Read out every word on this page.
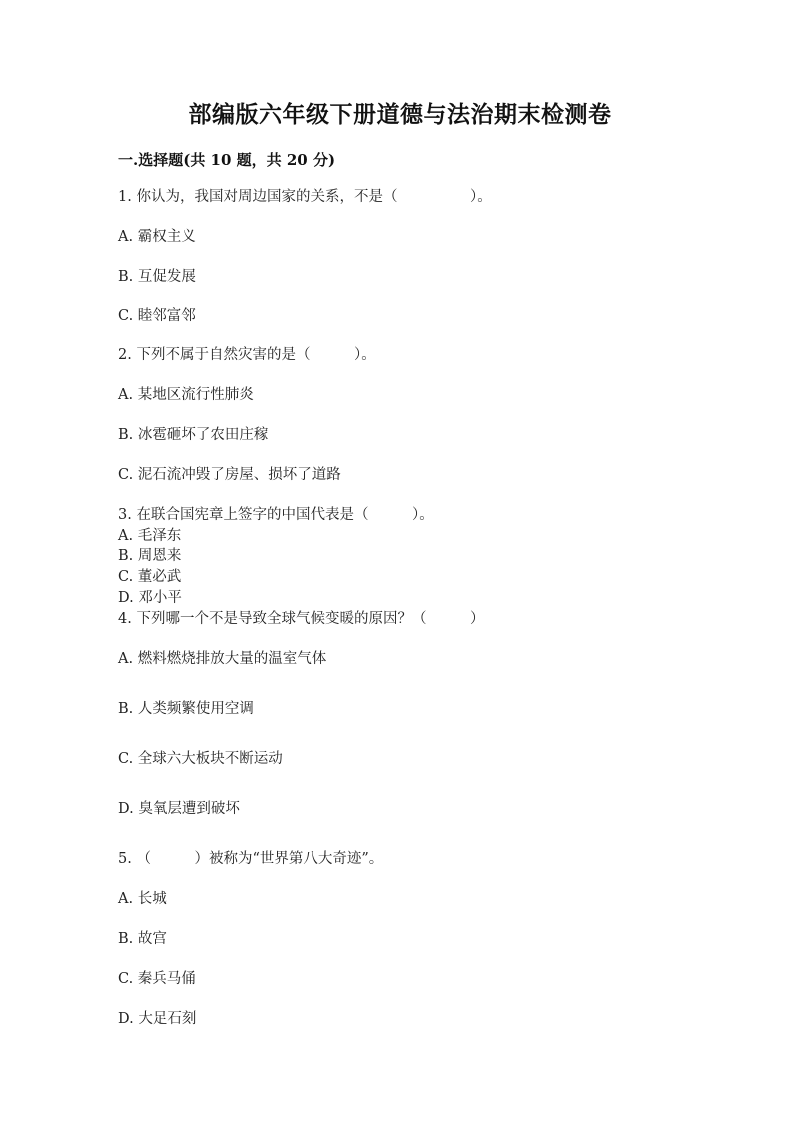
部编版六年级下册道德与法治期末检测卷
一.选择题(共 10 题，共 20 分)
1. 你认为，我国对周边国家的关系，不是（　　　　　）。
A. 霸权主义
B. 互促发展
C. 睦邻富邻
2. 下列不属于自然灾害的是（　　　）。
A. 某地区流行性肺炎
B. 冰雹砸坏了农田庄稼
C. 泥石流冲毁了房屋、损坏了道路
3. 在联合国宪章上签字的中国代表是（　　　）。
A. 毛泽东
B. 周恩来
C. 董必武
D. 邓小平
4. 下列哪一个不是导致全球气候变暖的原因？（　　　）
A. 燃料燃烧排放大量的温室气体
B. 人类频繁使用空调
C. 全球六大板块不断运动
D. 臭氧层遭到破坏
5. （　　　）被称为“世界第八大奇迹”。
A. 长城
B. 故宫
C. 秦兵马俑
D. 大足石刻
